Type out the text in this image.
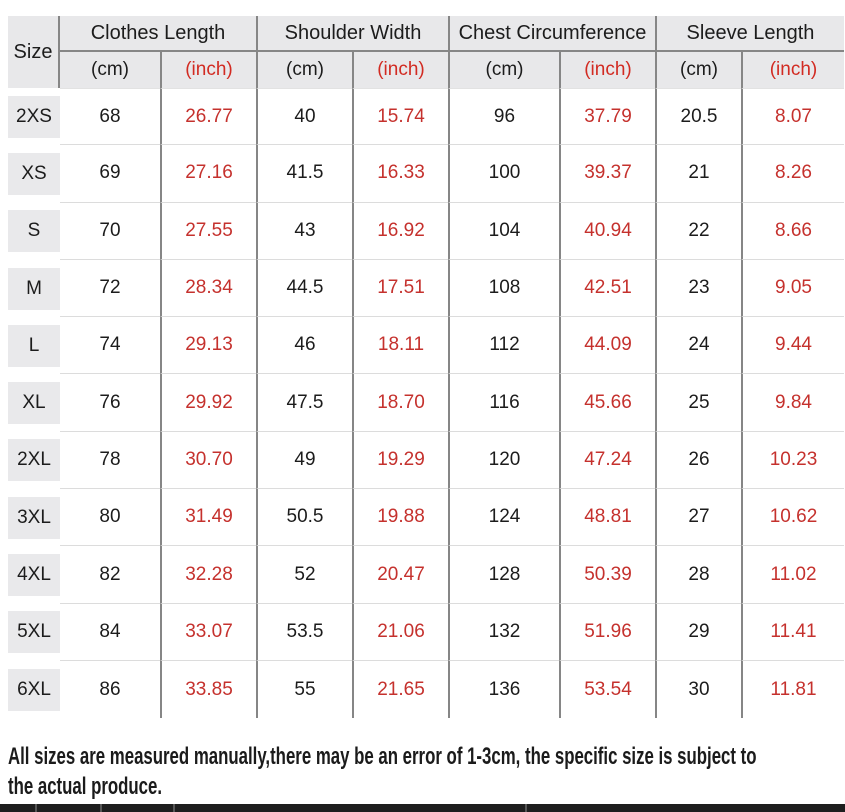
Size
Clothes Length	Shoulder Width	Chest Circumference	Sleeve Length
(cm)	(inch)	(cm)	(inch)	(cm)	(inch)	(cm)	(inch)
2XS	68	26.77	40	15.74	96	37.79	20.5	8.07
XS	69	27.16	41.5	16.33	100	39.37	21	8.26
S	70	27.55	43	16.92	104	40.94	22	8.66
M	72	28.34	44.5	17.51	108	42.51	23	9.05
L	74	29.13	46	18.11	112	44.09	24	9.44
XL	76	29.92	47.5	18.70	116	45.66	25	9.84
2XL	78	30.70	49	19.29	120	47.24	26	10.23
3XL	80	31.49	50.5	19.88	124	48.81	27	10.62
4XL	82	32.28	52	20.47	128	50.39	28	11.02
5XL	84	33.07	53.5	21.06	132	51.96	29	11.41
6XL	86	33.85	55	21.65	136	53.54	30	11.81
All sizes are measured manually,there may be an error of 1-3cm, the specific size is subject to
the actual produce.
